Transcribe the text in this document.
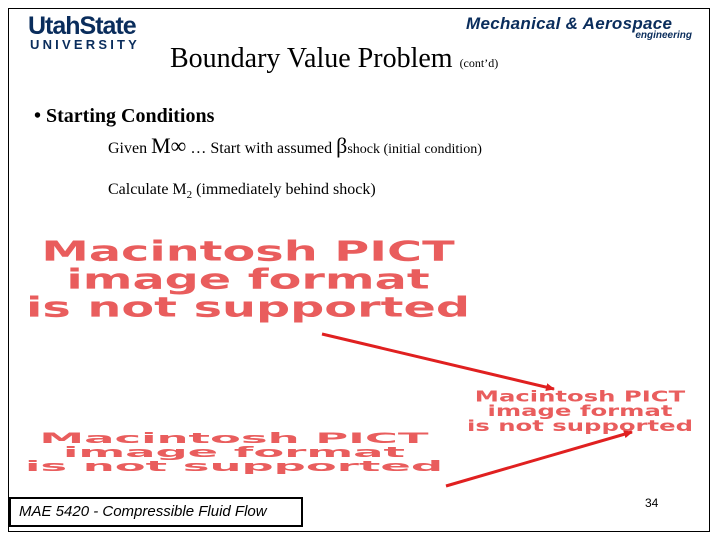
UtahState
UNIVERSITY
Mechanical & Aerospace
engineering
Boundary Value Problem (cont’d)
• Starting Conditions
Given M∞ … Start with assumed βshock (initial condition)
Calculate $M_2$ (immediately behind shock)
Macintosh PICT
image format
is not supported
Macintosh PICT
image format
is not supported
Macintosh PICT
image format
is not supported
MAE 5420 - Compressible Fluid Flow	34
